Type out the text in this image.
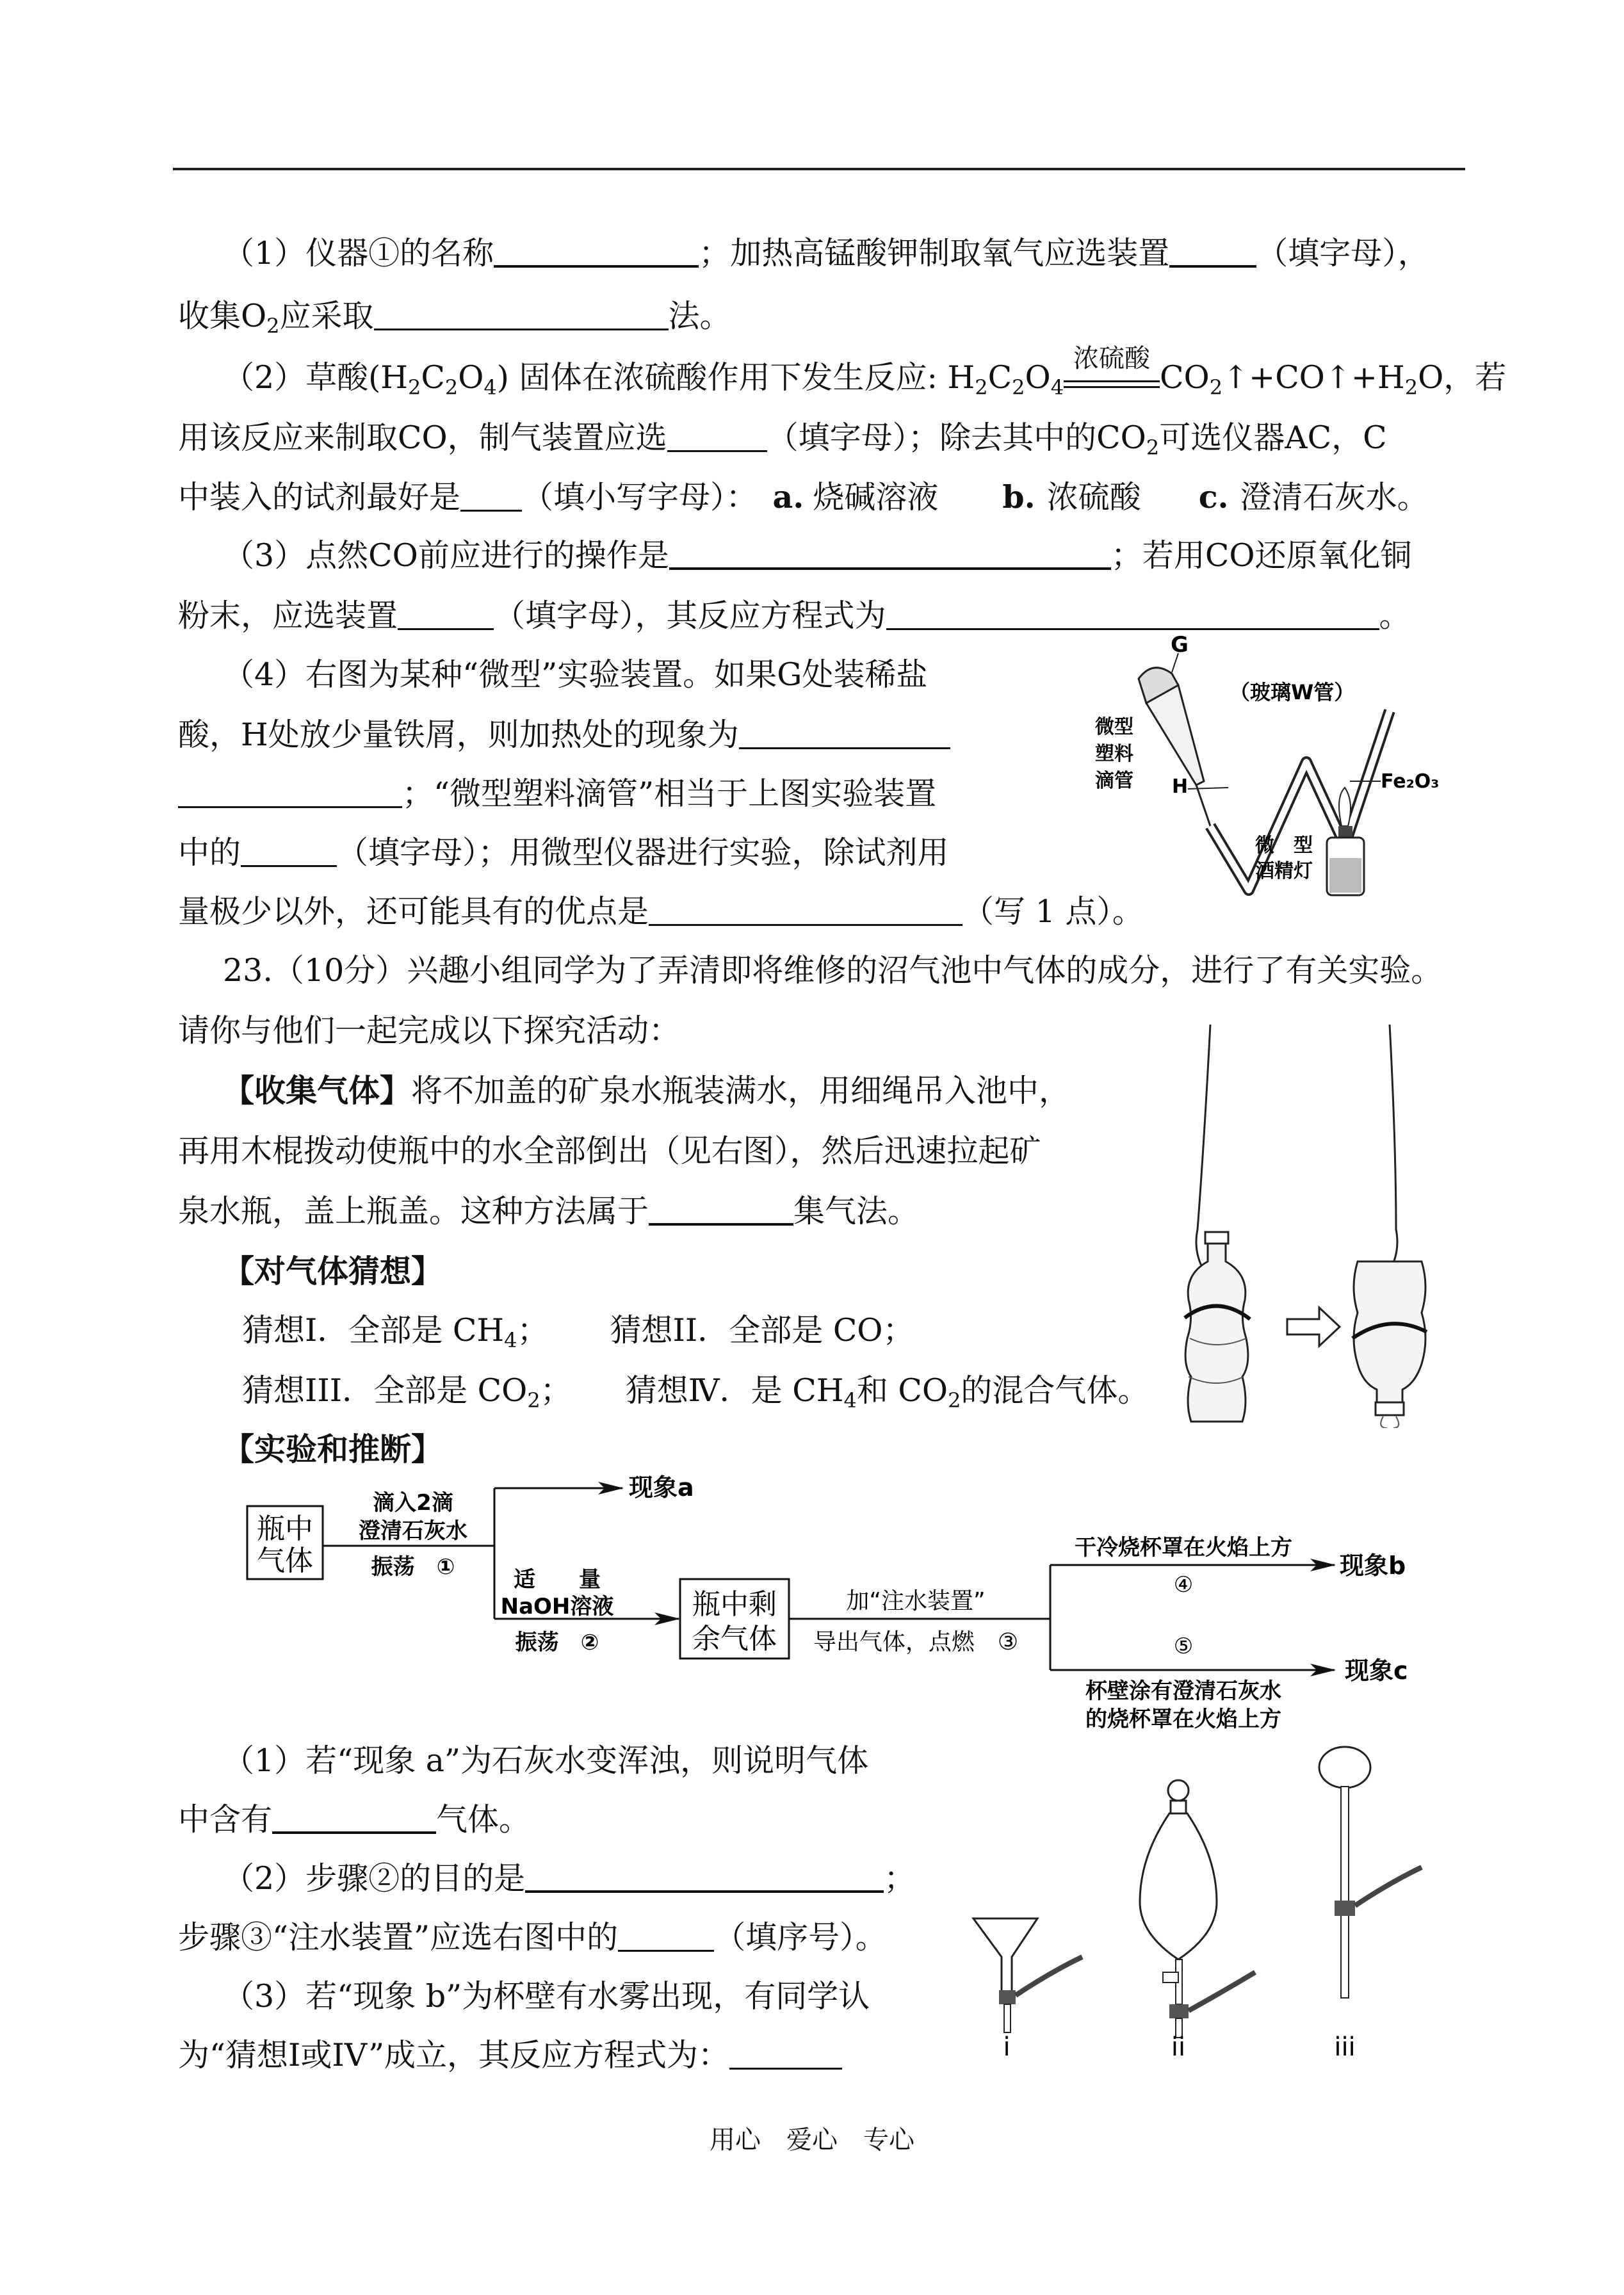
（1）仪器①的名称	；加热高锰酸钾制取氧气应选装置	（填字母），
收集$O_2$应采取	法。
（2）草酸$(H_2C_2O_4)$ 固体在浓硫酸作用下发生反应: $H_2C_2O_4$
浓硫酸
$CO_2↑+CO↑+H_2O$，若
用该反应来制取CO，制气装置应选	（填字母）；除去其中的$CO_2$可选仪器AC，C
中装入的试剂最好是 （填小写字母）： a. 烧碱溶液 b. 浓硫酸 c. 澄清石灰水。
（3）点然CO前应进行的操作是	；若用CO还原氧化铜
粉末，应选装置	（填字母），其反应方程式为	。
（4）右图为某种“微型”实验装置。如果G处装稀盐
酸，H处放少量铁屑，则加热处的现象为
；“微型塑料滴管”相当于上图实验装置
中的	（填字母）；用微型仪器进行实验，除试剂用
量极少以外，还可能具有的优点是	（写 1 点）。
G
（玻璃W管）
微型
塑料
滴管 H	Fe₂O₃
微　型
酒精灯
23.（10分）兴趣小组同学为了弄清即将维修的沼气池中气体的成分，进行了有关实验。
请你与他们一起完成以下探究活动：
【收集气体】将不加盖的矿泉水瓶装满水，用细绳吊入池中，
再用木棍拨动使瓶中的水全部倒出（见右图），然后迅速拉起矿
泉水瓶，盖上瓶盖。这种方法属于	集气法。
【对气体猜想】
猜想I．全部是 $CH_4$； 猜想II．全部是 CO；
猜想III．全部是 $CO_2$； 猜想Ⅳ．是 $CH_4$和 $CO_2$的混合气体。
【实验和推断】
瓶中
气体
滴入2滴
澄清石灰水
振荡　①
现象a
适　　量
NaOH溶液
振荡　②
瓶中剩
余气体
加“注水装置”
导出气体，点燃　③
干冷烧杯罩在火焰上方
④
现象b
⑤
杯壁涂有澄清石灰水
的烧杯罩在火焰上方
现象c
（1）若“现象 a”为石灰水变浑浊，则说明气体
中含有	气体。
（2）步骤②的目的是	；
步骤③“注水装置”应选右图中的	（填序号）。
（3）若“现象 b”为杯壁有水雾出现，有同学认
为“猜想I或IV”成立，其反应方程式为：	i	ii	iii
用心　爱心　专心
